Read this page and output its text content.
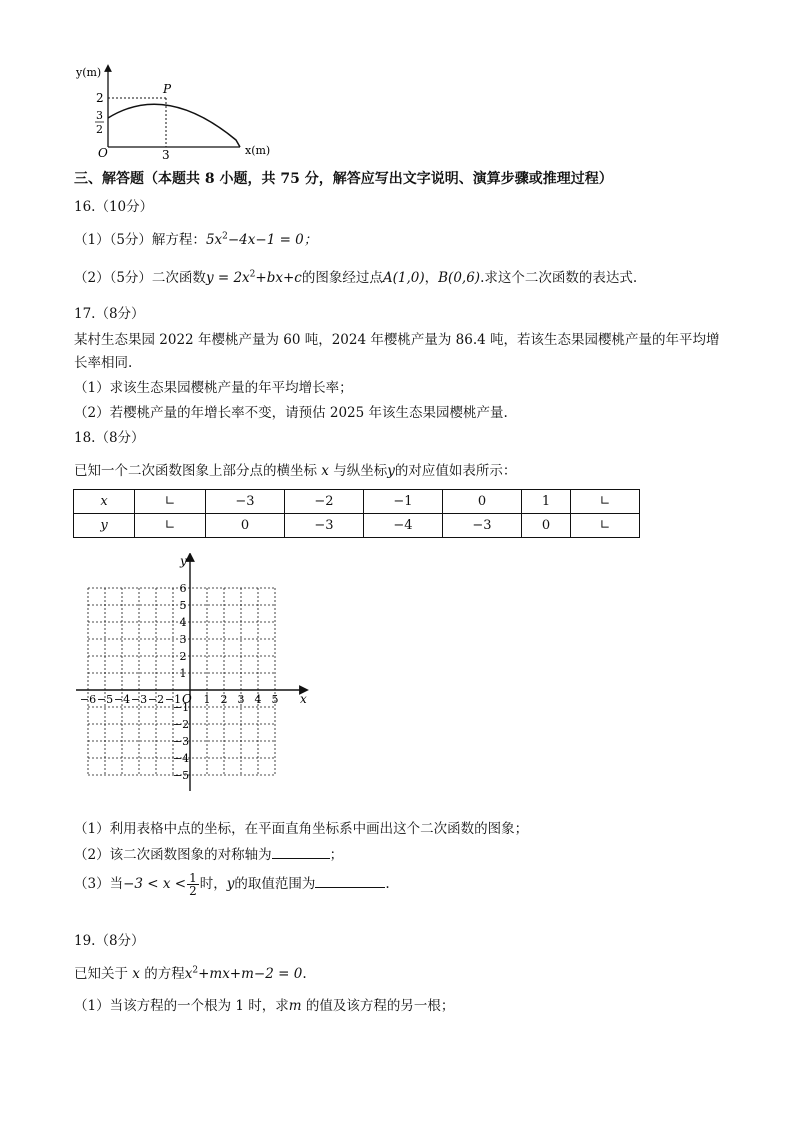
y(m)
x(m)
2
3
2
O	3
P
三、解答题（本题共 8 小题，共 75 分，解答应写出文字说明、演算步骤或推理过程）
16.（10分）
（1）（5分）解方程：$5x^2-4x-1 = 0$；
（2）（5分）二次函数$y = 2x^2+bx+c$的图象经过点A(1,0)，B(0,6).求这个二次函数的表达式.
17.（8分）
某村生态果园 2022 年樱桃产量为 60 吨，2024 年樱桃产量为 86.4 吨，若该生态果园樱桃产量的年平均增
长率相同.
（1）求该生态果园樱桃产量的年平均增长率；
（2）若樱桃产量的年增长率不变，请预估 2025 年该生态果园樱桃产量.
18.（8分）
已知一个二次函数图象上部分点的横坐标 x 与纵坐标y的对应值如表所示：
x	∟	−3	−2	−1	0	1	∟
y	∟	0	−3	−4	−3	0	∟
x
y
O
−6 −5 −4 −3 −2 −1 1 2 3 4 5
1
2
3
4
5
6
−1
−2
−3
−4
−5
（1）利用表格中点的坐标，在平面直角坐标系中画出这个二次函数的图象；
（2）该二次函数图象的对称轴为	；
（3）当$-3 < x < \frac{1}{2}$ 时，y的取值范围为	.
19.（8分）
已知关于 x 的方程$x^2+mx+m-2 = 0$.
（1）当该方程的一个根为 1 时，求m 的值及该方程的另一根；
